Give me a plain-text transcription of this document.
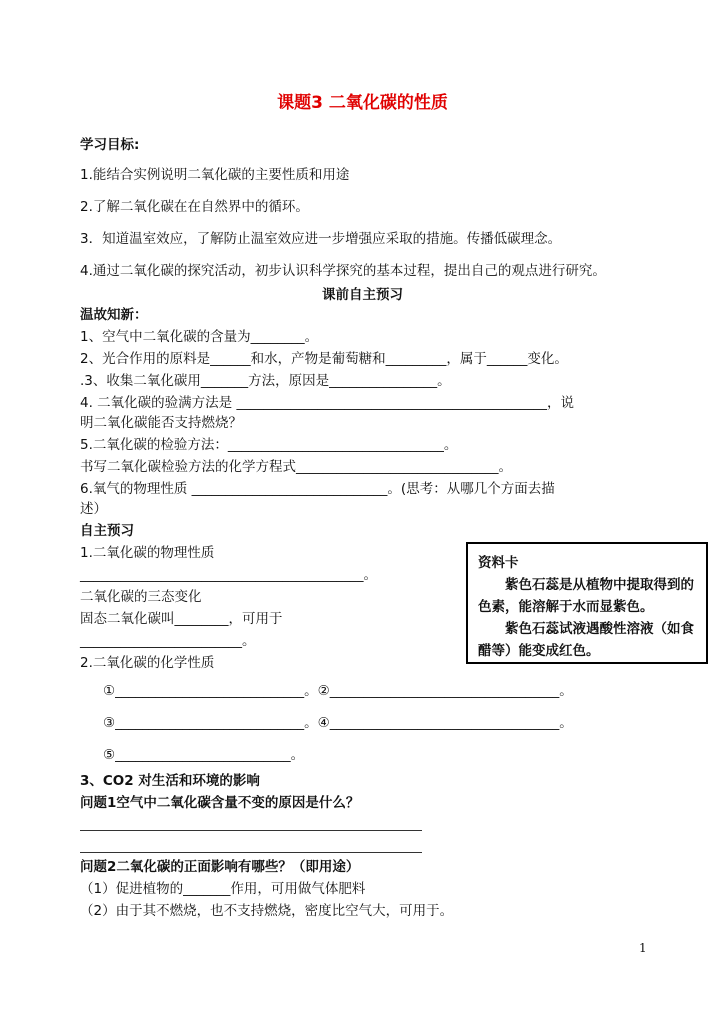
课题3 二氧化碳的性质
学习目标:
1.能结合实例说明二氧化碳的主要性质和用途
2.了解二氧化碳在在自然界中的循环。
3．知道温室效应，了解防止温室效应进一步增强应采取的措施。传播低碳理念。
4.通过二氧化碳的探究活动，初步认识科学探究的基本过程，提出自己的观点进行研究。
课前自主预习
温故知新：
1、空气中二氧化碳的含量为________。
2、光合作用的原料是______和水，产物是葡萄糖和_________，属于______变化。
.3、收集二氧化碳用_______方法，原因是________________。
4. 二氧化碳的验满方法是 ______________________________________________，说
明二氧化碳能否支持燃烧？
5.二氧化碳的检验方法：________________________________。
书写二氧化碳检验方法的化学方程式______________________________。
6.氧气的物理性质 _____________________________。(思考：从哪几个方面去描
述）
自主预习
1.二氧化碳的物理性质
__________________________________________。
二氧化碳的三态变化
固态二氧化碳叫________，可用于
________________________。
2.二氧化碳的化学性质
资料卡
紫色石蕊是从植物中提取得到的色素，能溶解于水而显紫色。
紫色石蕊试液遇酸性溶液（如食醋等）能变成红色。
①____________________________。②__________________________________。
③____________________________。④__________________________________。
⑤__________________________。
3、CO2 对生活和环境的影响
问题1空气中二氧化碳含量不变的原因是什么？
问题2二氧化碳的正面影响有哪些？（即用途）
（1）促进植物的_______作用，可用做气体肥料
（2）由于其不燃烧，也不支持燃烧，密度比空气大，可用于。
1
